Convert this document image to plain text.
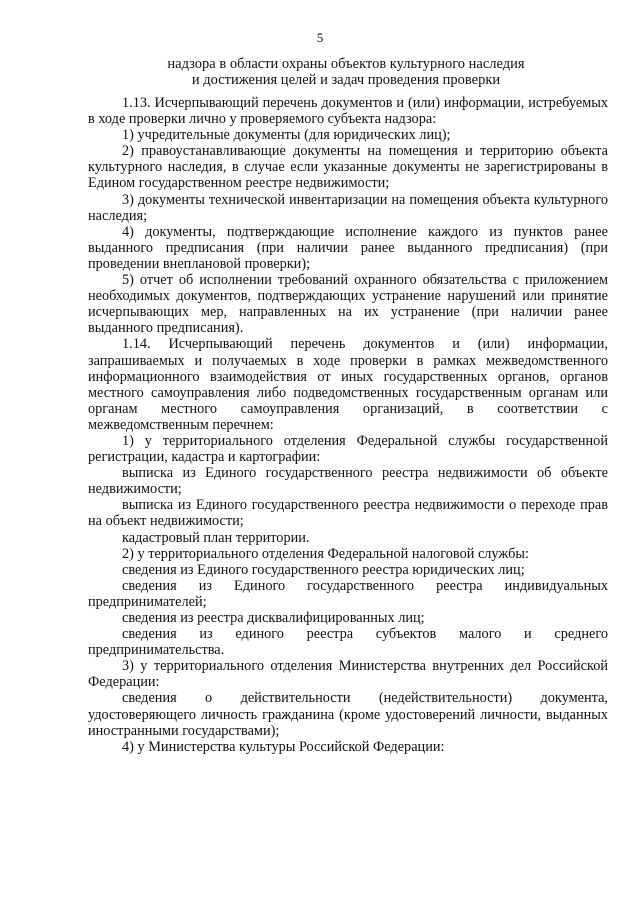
5
надзора в области охраны объектов культурного наследия
и достижения целей и задач проведения проверки

1.13. Исчерпывающий перечень документов и (или) информации, истребуемых в ходе проверки лично у проверяемого субъекта надзора:

1) учредительные документы (для юридических лиц);

2) правоустанавливающие документы на помещения и территорию объекта культурного наследия, в случае если указанные документы не зарегистрированы в Едином государственном реестре недвижимости;

3) документы технической инвентаризации на помещения объекта культурного наследия;

4) документы, подтверждающие исполнение каждого из пунктов ранее выданного предписания (при наличии ранее выданного предписания) (при проведении внеплановой проверки);

5) отчет об исполнении требований охранного обязательства с приложением необходимых документов, подтверждающих устранение нарушений или принятие исчерпывающих мер, направленных на их устранение (при наличии ранее выданного предписания).

1.14. Исчерпывающий перечень документов и (или) информации, запрашиваемых и получаемых в ходе проверки в рамках межведомственного информационного взаимодействия от иных государственных органов, органов местного самоуправления либо подведомственных государственным органам или органам местного самоуправления организаций, в соответствии с межведомственным перечнем:

1) у территориального отделения Федеральной службы государственной регистрации, кадастра и картографии:

выписка из Единого государственного реестра недвижимости об объекте недвижимости;

выписка из Единого государственного реестра недвижимости о переходе прав на объект недвижимости;

кадастровый план территории.

2) у территориального отделения Федеральной налоговой службы:

сведения из Единого государственного реестра юридических лиц;

сведения из Единого государственного реестра индивидуальных предпринимателей;

сведения из реестра дисквалифицированных лиц;

сведения из единого реестра субъектов малого и среднего предпринимательства.

3) у территориального отделения Министерства внутренних дел Российской Федерации:

сведения о действительности (недействительности) документа, удостоверяющего личность гражданина (кроме удостоверений личности, выданных иностранными государствами);

4) у Министерства культуры Российской Федерации:
